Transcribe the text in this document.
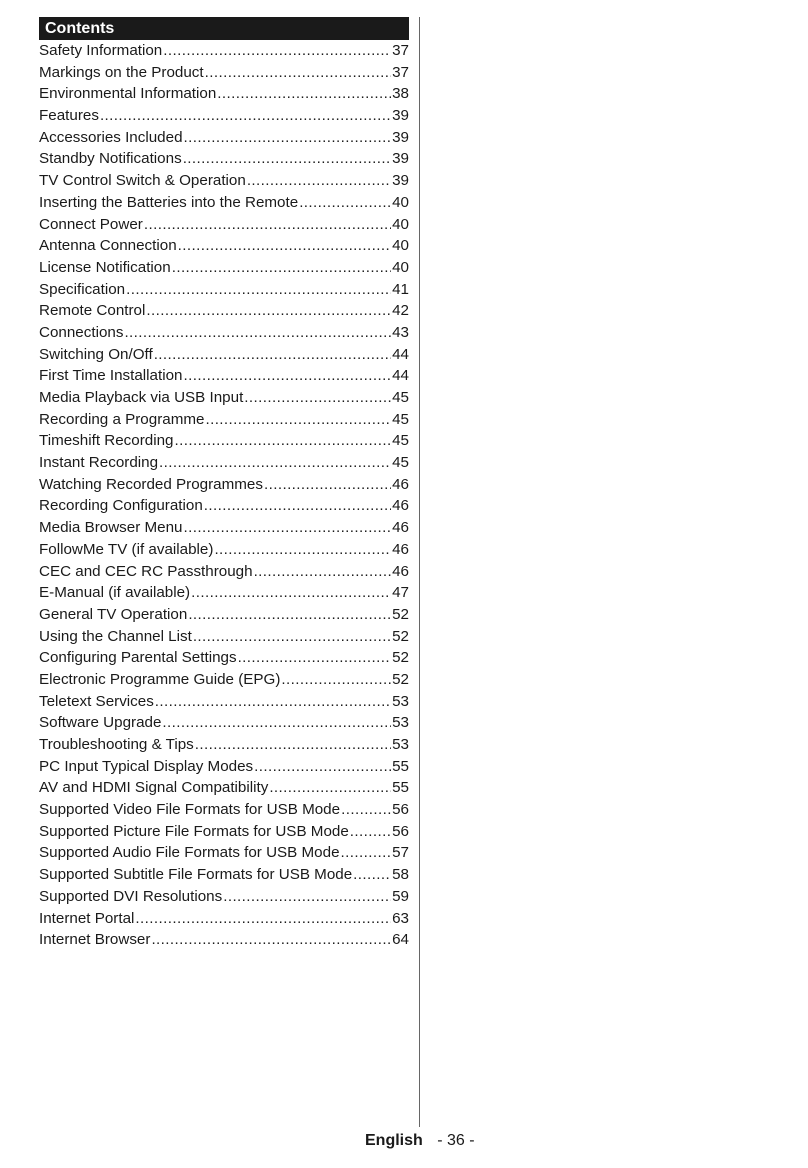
Contents
Safety Information .....	37
Markings on the Product .....	37
Environmental Information .....	38
Features .....	39
Accessories Included .....	39
Standby Notifications .....	39
TV Control Switch & Operation .....	39
Inserting the Batteries into the Remote .....	40
Connect Power .....	40
Antenna Connection .....	40
License Notification .....	40
Specification .....	41
Remote Control .....	42
Connections .....	43
Switching On/Off .....	44
First Time Installation .....	44
Media Playback via USB Input .....	45
Recording a Programme .....	45
Timeshift Recording .....	45
Instant Recording .....	45
Watching Recorded Programmes .....	46
Recording Configuration .....	46
Media Browser Menu .....	46
FollowMe TV (if available) .....	46
CEC and CEC RC Passthrough .....	46
E-Manual (if available) .....	47
General TV Operation .....	52
Using the Channel List .....	52
Configuring Parental Settings .....	52
Electronic Programme Guide (EPG) .....	52
Teletext Services .....	53
Software Upgrade .....	53
Troubleshooting & Tips .....	53
PC Input Typical Display Modes .....	55
AV and HDMI Signal Compatibility .....	55
Supported Video File Formats for USB Mode .....	56
Supported Picture File Formats for USB Mode .....	56
Supported Audio File Formats for USB Mode .....	57
Supported Subtitle File Formats for USB Mode .....	58
Supported DVI Resolutions .....	59
Internet Portal .....	63
Internet Browser .....	64
English - 36 -
